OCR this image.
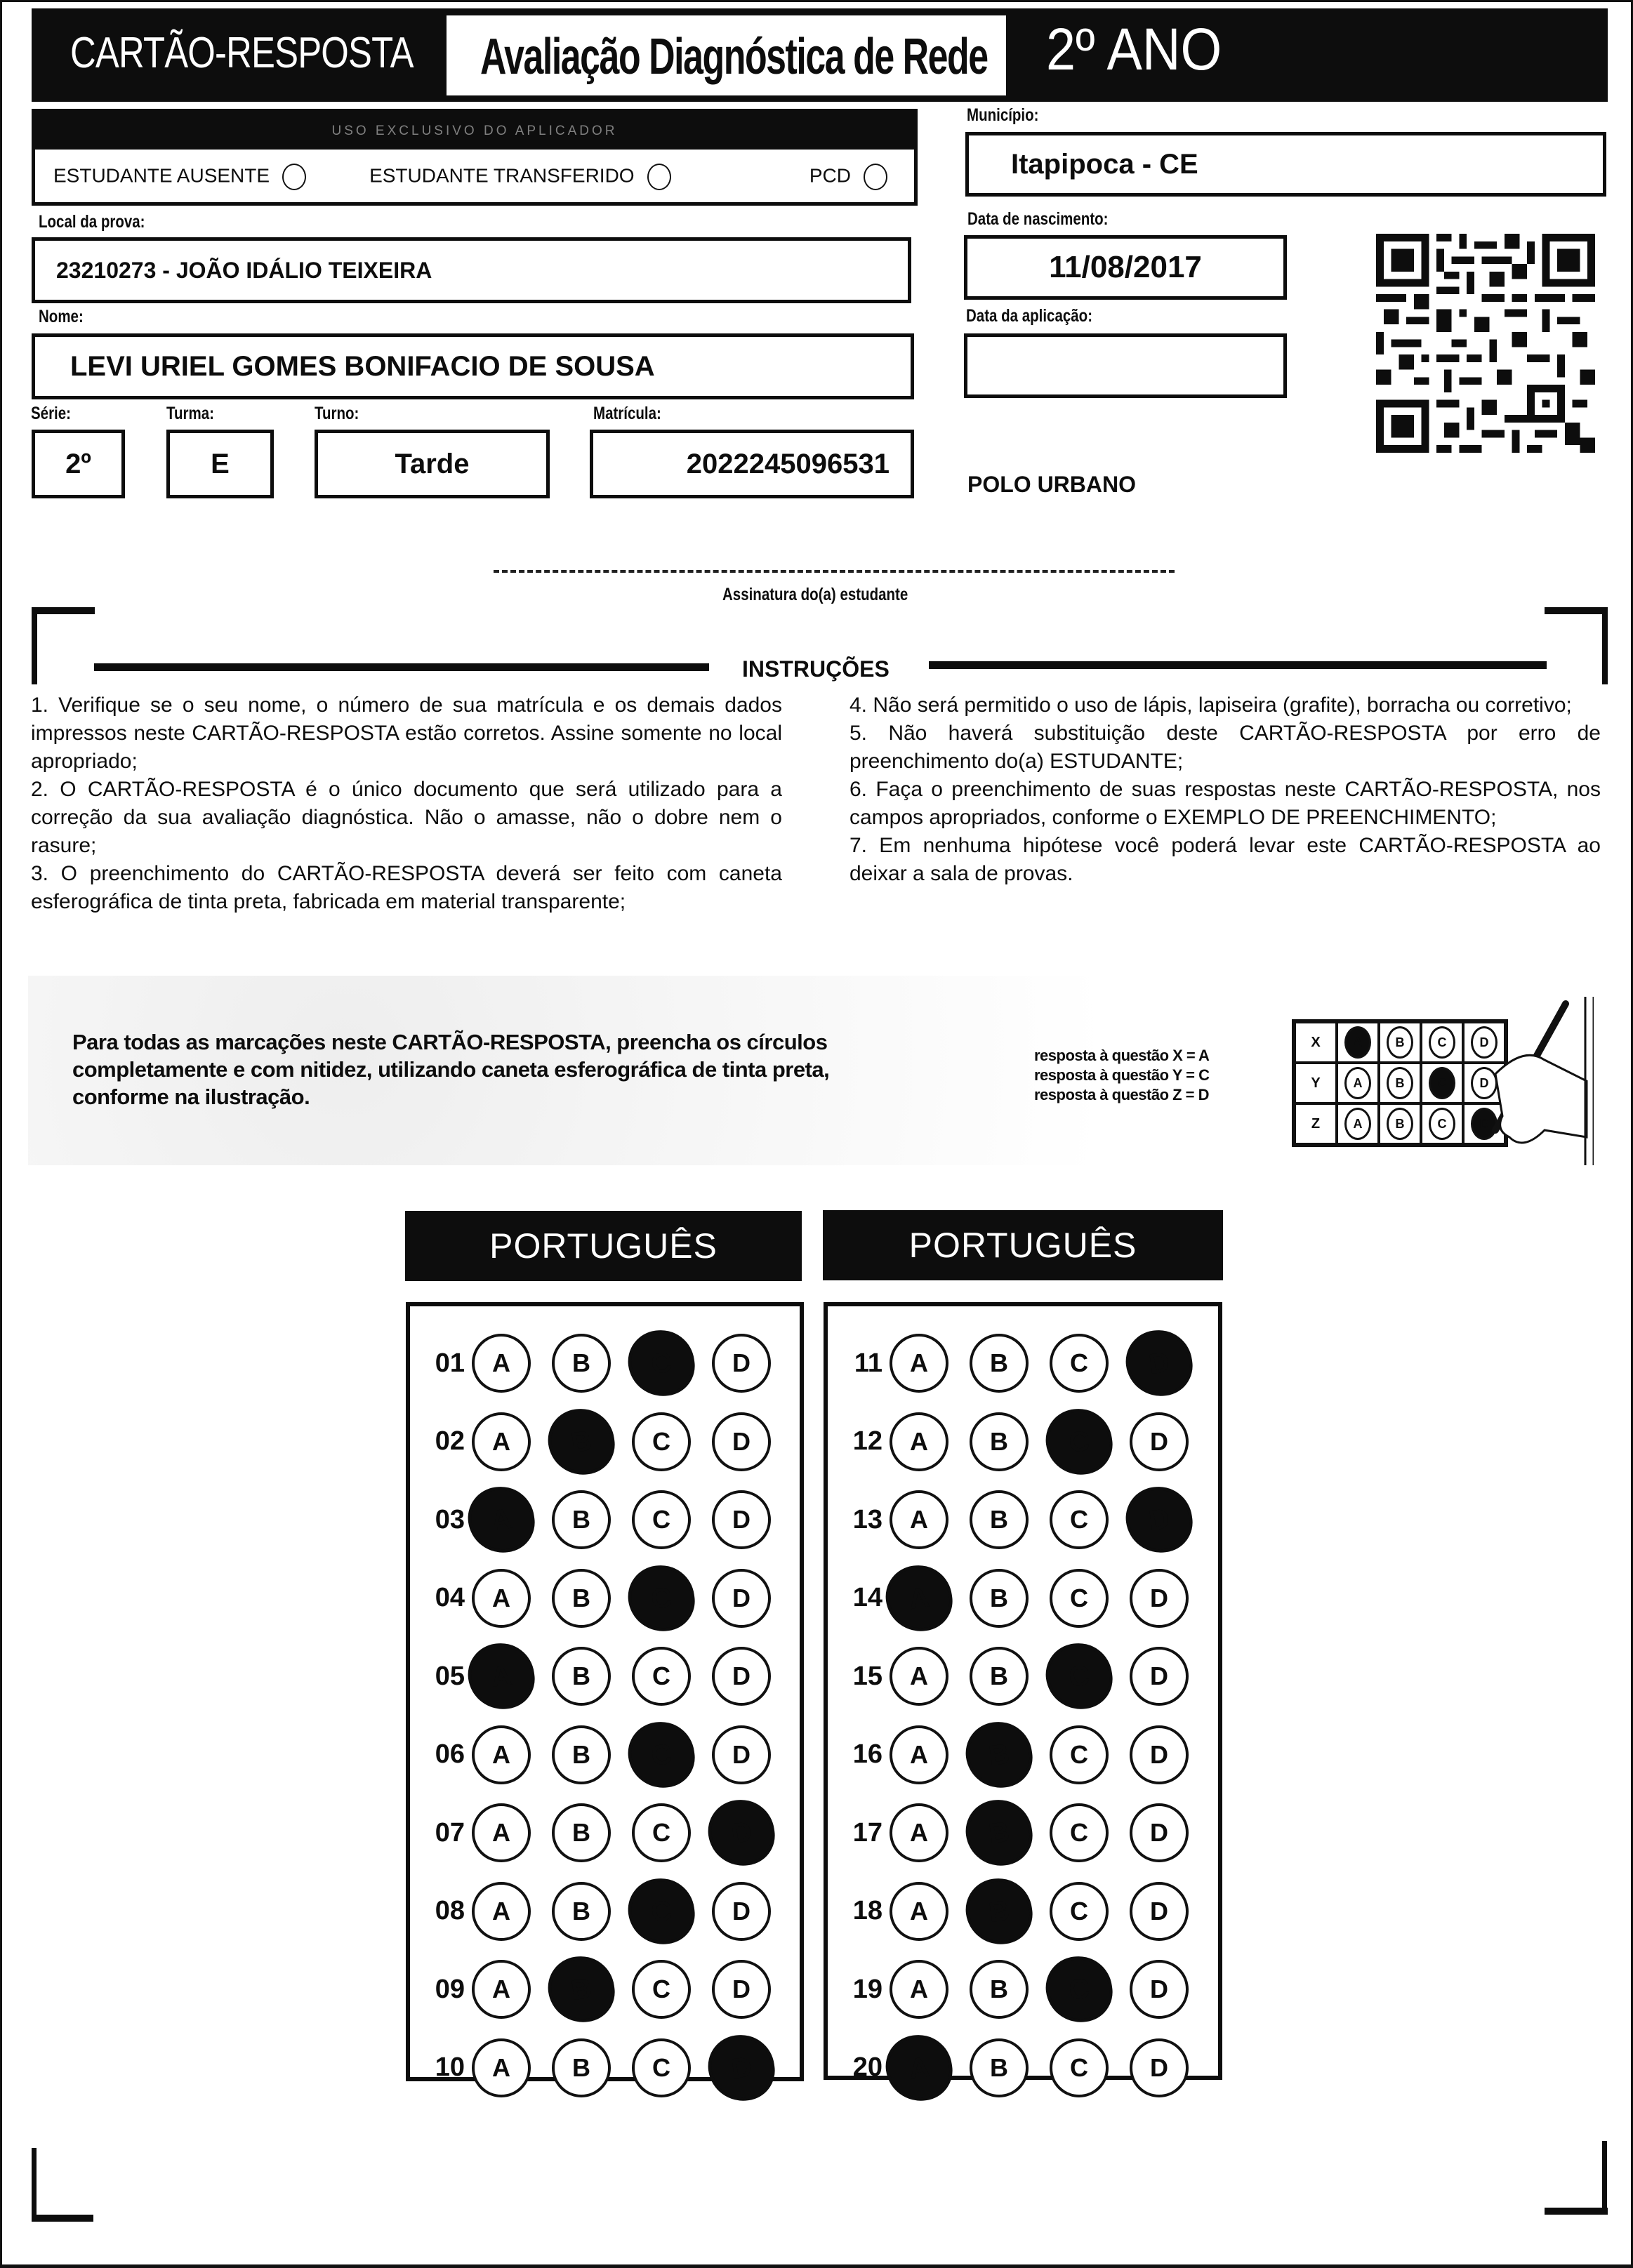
CARTÃO-RESPOSTA Avaliação Diagnóstica de Rede 2º ANO
USO EXCLUSIVO DO APLICADOR
ESTUDANTE AUSENTE	ESTUDANTE TRANSFERIDO	PCD
Município:
Itapipoca - CE
Local da prova:
23210273 - JOÃO IDÁLIO TEIXEIRA
Nome:
LEVI URIEL GOMES BONIFACIO DE SOUSA
Série:	Turma:	Turno:	Matrícula:
2º	E	Tarde	2022245096531
Data de nascimento:
11/08/2017
Data da aplicação:
POLO URBANO
Assinatura do(a) estudante
INSTRUÇÕES

1. Verifique se o seu nome, o número de sua matrícula e os demais dados impressos neste CARTÃO-RESPOSTA estão corretos. Assine somente no local apropriado;

2. O CARTÃO-RESPOSTA é o único documento que será utilizado para a correção da sua avaliação diagnóstica. Não o amasse, não o dobre nem o rasure;

3. O preenchimento do CARTÃO-RESPOSTA deverá ser feito com caneta esferográfica de tinta preta, fabricada em material transparente;

4. Não será permitido o uso de lápis, lapiseira (grafite), borracha ou corretivo;

5. Não haverá substituição deste CARTÃO-RESPOSTA por erro de preenchimento do(a) ESTUDANTE;

6. Faça o preenchimento de suas respostas neste CARTÃO-RESPOSTA, nos campos apropriados, conforme o EXEMPLO DE PREENCHIMENTO;

7. Em nenhuma hipótese você poderá levar este CARTÃO-RESPOSTA ao deixar a sala de provas.

Para todas as marcações neste CARTÃO-RESPOSTA, preencha os círculos completamente e com nitidez, utilizando caneta esferográfica de tinta preta, conforme na ilustração.
resposta à questão X = A
resposta à questão Y = C
resposta à questão Z = D
X	A	B	C	D
Y	A	B	C	D
Z	A	B	C	D
PORTUGUÊS	PORTUGUÊS
01	A	B	C	D
02	A	B	C	D
03 A	B	C	D
04	A	B	C	D
05 A	B	C	D
06	A	B	C	D
07	A	B	C	D
08	A	B	C	D
09	A	B	C	D
10	A	B	C	D
11	A	B	C	D
12	A	B	C	D
13	A	B	C	D
14 A	B	C	D
15	A	B	C	D
16	A	B	C	D
17	A	B	C	D
18	A	B	C	D
19	A	B	C	D
20 A	B	C	D
